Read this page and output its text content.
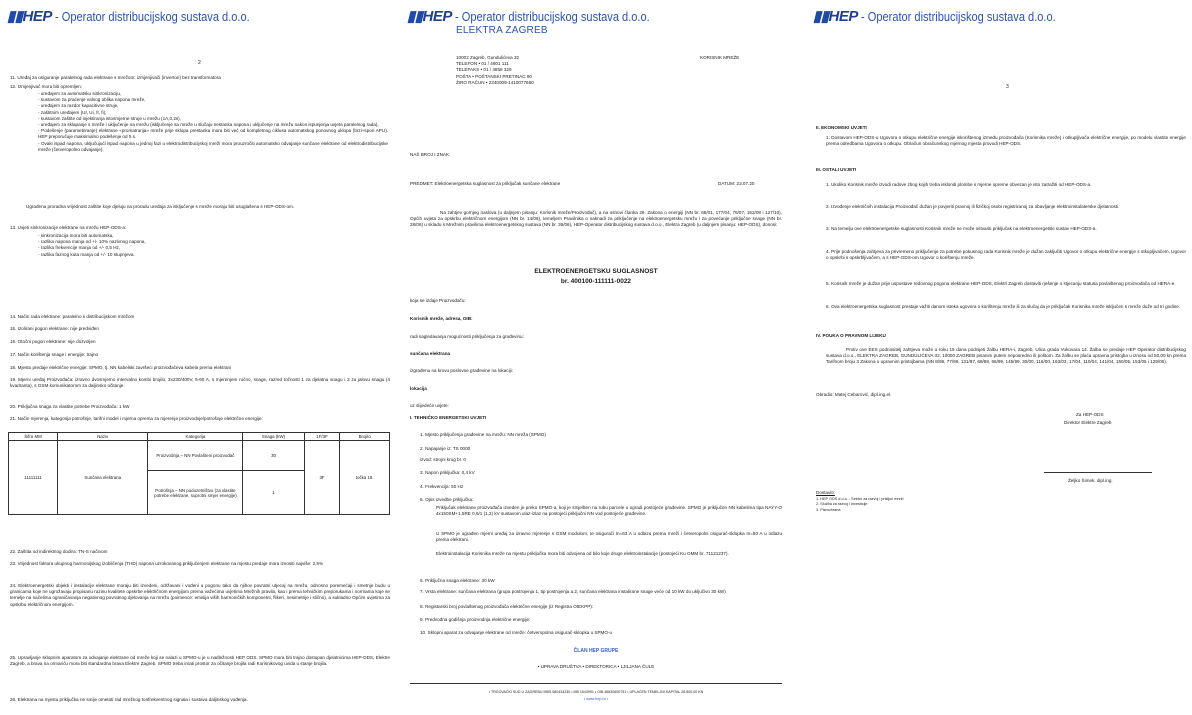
▮▮HEP - Operator distribucijskog sustava d.o.o.
2
11. Uređaj za osiguranje paralelnog rada elektrane s mrežom: izmjenjivači (invertori) bez transformatora
12. Izmjenjivač mora biti opremljen:
- uređajem za automatsku sinkronizaciju,
- sustavom za praćenje valnog oblika napona mreže,
- uređajem za razdor kapacitivne struje,
- zaštitnim uređajem (Ur, Ui, fr, fi),
- sustavom zaštite od injektiranja istosmjerne struje u mrežu (1A,0,2s),
- uređajem za sklapanje s mreže i uključenje na mrežu (isključenje sa mreže u slučaju nestanka napona i uključenje na mrežu nakon ispunjenja uvjeta paralelnog rada),
- Podešenje (parametriranje) elektrane «promatranja» mreže prije sklopa prestanka mora biti već od kompletnog ciklusa automatskog ponovnog uklopa (brzi+spori APU). HEP preporučuje maksimalno podešenje od 5 s.
- Ovaki ispad napona, uključujući ispad napona u jednoj fazi u elektrodistribucijskoj mreži mora prouzročiti automatsko odvajanje sunčane elektrane od elektrodistribucijske mreže (četveropolno odvajanje).
Ugrađena proradna vrijednost zaštite koje djeluju na proradu uređaja za isključenje s mreže moraju biti usuglašena s HEP-ODS-om.
13. Uvjeti sinkronizacije elektrane na mrežu HEP-ODS-a:
- sinkronizacija mora biti automatska,
- razlika napona manja od +/- 10% nazivnog napona,
- razlika frekvencije manja od +/- 0,5 Hz,
- razlika faznog kuta manja od +/- 10 stupnjeva.
14. Način rada elektrane: paralelno s distribucijskom mrežom
15. Izolirani pogon elektrane: nije predviđen
16. Otočni pogon elektrane: nije dozvoljen
17. Način korištenja snage i energije: trajno
18. Mjesto predaje električne energije: SPMO, tj. NN kabelski završeci proizvođačeva kabela prema elektrani
19. Mjerni uređaj Proizvođača: izravno dvosmjerno intervalno kombi brojilo, 3x230/400V, 5-60 A, s mjerenjem ručno, snage, razred točnosti 1 za djelatnu snagu i 2 za jalovu snagu (4 kvadranta), s GSM komunikatorom za daljinsko očitanje.
20. Priključna snaga za vlastite potrebe Proizvođača: 1 kW
21. Način mjerenja, kategorija potrošnje, tarifni model i mjerna oprema za mjerenje proizvodnje/potrošnje električne energije:
Šifra MM	Naziv	Kategorija	Snaga (kW)	1F/3F	Brojilo
11111111	Sunčana elektrana	Proizvodnja – NN Povlašteni proizvođač	30	3F	točka 19.
		Potrošnja – NN poduzetništvo (za vlastite potrebe elektrane, suprotni smjer energije)	1		
22. Zaštita od indirektnog dodira: TN-S načinom
23. Vrijednost faktora ukupnog harmonijskog izobličenja (THD) napona uzrokovanog priključenjem elektrane na mjestu predaje mora iznositi najviše: 2,5%
24. Elektroenergetski objekti i instalacije elektrane moraju biti izvedeni, održavani i vođeni u pogonu tako da njihov povratni utjecaj na mrežu, odnosno poremećaji i smetnje budu u granicama koje ne ugrožavaju propisanu razinu kvalitete opskrbe električnom energijom prema važećima uvjetima Mrežnih pravila, kao i prema tehničkim preporukama i normama koje se temelje na načelima ograničavanja negativnog povratnog djelovanja na mrežu (poimence: emisija viših harmoničkih komponenti, flikeri, nesimetrije i slično), a sukladno Općim uvjetima za opskrbu električnom energijom.
25. Upravljanje sklopnim aparatom za odvajanje elektrane od mreže koji se nalazi u SPMO-u je u nadležnosti HEP ODS. SPMO mora biti trajno dostupan djelatnicima HEP-ODS, Elektre Zagreb, a brava na ormariću mora biti standardna brava Elektre Zagreb. SPMO treba imati prostor za očitanje brojila radi Korisnikovog uvida u stanje brojila.
26. Elektrana na mjestu priključka ne smije ometati rad mrežnog tonfrekventnog signala i sustava daljinskog vođenja.
▮▮HEP - Operator distribucijskog sustava d.o.o.
ELEKTRA ZAGREB
10002 Zagreb, Gundulićeva 32
TELEFON • 01 / 4601 111
TELEFAKS • 01 / 4858 329
POŠTA • POŠTANSKI PRETINAC 90
ŽIRO RAČUN • 2340009-1410077660
KORISNIK MREŽE
NAŠ BROJ I ZNAK:
PREDMET: Elektroenergetska suglasnost za priključak sunčane elektrane	DATUM: 23.07.20
Na zahtjev gornjeg naslova (u daljnjem pisanju: Korisnik mreže/Proizvođač), a na osnovi članka 29. Zakona o energiji (NN br. 68/01, 177/04, 76/07, 152/08 i 127/10), Općih uvjeta za opskrbu električnom energijom (NN br. 14/06), temeljem Pravilnika o naknadi za priključenje na elektroenergetsku mrežu i za povećanje priključne snage (NN br. 28/06) u skladu s Mrežnim pravilima elektroenergetskog sustava (NN br. 36/06), HEP-Operator distribucijskog sustava d.o.o., Elektra Zagreb (u daljnjem pisanju: HEP-ODS), donosi:
ELEKTROENERGETSKU SUGLASNOST
br. 400100-111111-0022
koja se izdaje Proizvođaču:
Korisnik mreže, adresa, OIB:
radi sagledavanja mogućnosti priključenja za građevinu:
sunčana elektrana
izgrađenu na krovu poslovne građevine na lokaciji:
lokacija
uz slijedeće uvjete:
I. TEHNIČKO ENERGETSKI UVJETI
1. Mjesto priključenja građevine na mrežu: NN mreža (SPMO)
2. Napajanje iz: TS 0000
izvod: strojni krug br. 0
3. Napon priključka: 0,4 kV
4. Frekvencija: 50 Hz
5. Opis izvedbe priključka:
Priključak elektrane proizvođača izveden je preko SPMO-a, koji je smješten na rubu parcele u ogradi postojeće građevine. SPMO je priključen NN kabelima tipa NAYY-O 4x150SM+1,5RE 0,6/1 (1,2) kV sustavom ulaz-izlaz na postojeći priključni NN vod postojeće građevine.
U SPMO je ugrađen mjerni uređaj za izravno mjerenje s GSM modulom, te osigurači In=63 A u odlazu prema mreži i četveropolni osigurač-sklopka In=50 A u odlazu prema elektrani.
Elektroinstalacija Korisnika mreže na mjestu priključka mora biti odvojena od bilo koje druge elektroinstalacije (postojeći Ku OMM br. 71121237).
6. Priključna snaga elektrane: 30 kW
7. Vrsta elektrane: sunčana elektrana (grupa postrojenja 1, tip postrojenja a.2, sunčana elektrana instalirane snage veće od 10 kW do uključivo 30 kW)
8. Registarski broj povlaštenog proizvođača električne energije (iz Registra OIEKPP):
9. Predvođna godišnja proizvodnja električne energije:
10. Sklopni aparat za odvajanje elektrane od mreže: četveropolna osigurač-sklopka u SPMO-u
ČLAN HEP GRUPE
• UPRAVA DRUŠTVA • DIREKTORICA • LJILJANA ČULE
• TRGOVAČKI SUD U ZAGREBU MBS 080434230 • MB 1643991 • OIB 46830600751 • UPLAĆEN TEMELJNI KAPITAL 28.800.00 KN
• www.hep.hr •
▮▮HEP - Operator distribucijskog sustava d.o.o.
3
II. EKONOMSKI UVJETI
1. Dostavom HEP-ODS-u Ugovora o otkupu električne energije iskorištenog između proizvođača (Korisnika mreže) i otkupljivača električne energije, po modelu vlastite energije prema odredbama Ugovora o otkupu. Obračun obračunskog mjernog mjesta provodi HEP-ODS.
III. OSTALI UVJETI
1. Ukoliko Korisnik mreže izvodi radove zbog kojih treba iskloniti plombe s mjerne opreme obvezan je isto zatražiti od HEP-ODS-a.
2. Izvođenje električnih instalacija Proizvođač dužan je povjeriti pravnoj ili fizičkoj osobi registriranoj za obavljanje elektroinstalaterske djelatnosti.
3. Na temelju ove elektroenergetske suglasnosti Korisnik mreže ne može ostvariti priključak na elektroenergetski sustav HEP-ODS-a.
4. Prije podnošenja zahtjeva za privremeno priključenje za potrebe pokusnog rada Korisnik mreže je dužan zaključiti Ugovor o otkupu električne energije s otkupljivačem, Ugovor o opskrbi s opskrbljivačem, a s HEP-ODS-om Ugovor o korištenju mreže.
5. Korisnik mreže je dužan prije uspostave redovnog pogona elektrane HEP-ODS, Elektri Zagreb dostaviti rješenje o stjecanju statusa povlaštenog proizvođača od HERA-e.
6. Ova elektroenergetska suglasnost prestaje važiti danom isteka ugovora o korištenju mreže ili za slučaj da je priključak Korisnika mreže isključen s mreže duže od tri godine.
IV. POUKA O PRAVNOM LIJEKU
Protiv ove EES podnositelj zahtjeva može u roku 15 dana podnijeti žalbu HERA-i, Zagreb, Ulica grada Vukovara 14. Žalba se predaje HEP Operator distribucijskog sustava d.o.o., ELEKTRA ZAGREB, GUNDULIĆEVA 32, 10000 ZAGREB pisanim putem neposredno ili poštom. Za žalbu se plaća upravna pristojba u iznosu od 50,00 kn prema Tarifnom broju 3 Zakona o upravnim pristojbama (NN 8/96, 77/96, 131/97, 68/98, 66/99, 145/99, 30/00, 116/00, 163/03, 17/04, 110/04, 141/04, 150/05, 153/05 i 129/06).
Obradio: Matej Cebarović, dipl.ing.el.
Za HEP-ODS
Direktor Elektre Zagreb
Željko Šimek, dipl.ing.
Dostaviti:
1. HEP ODS d.o.o. - Sektor za razvoj i priključ mreži
2. Služba za razvoj i investicije
3. Pismohrana
